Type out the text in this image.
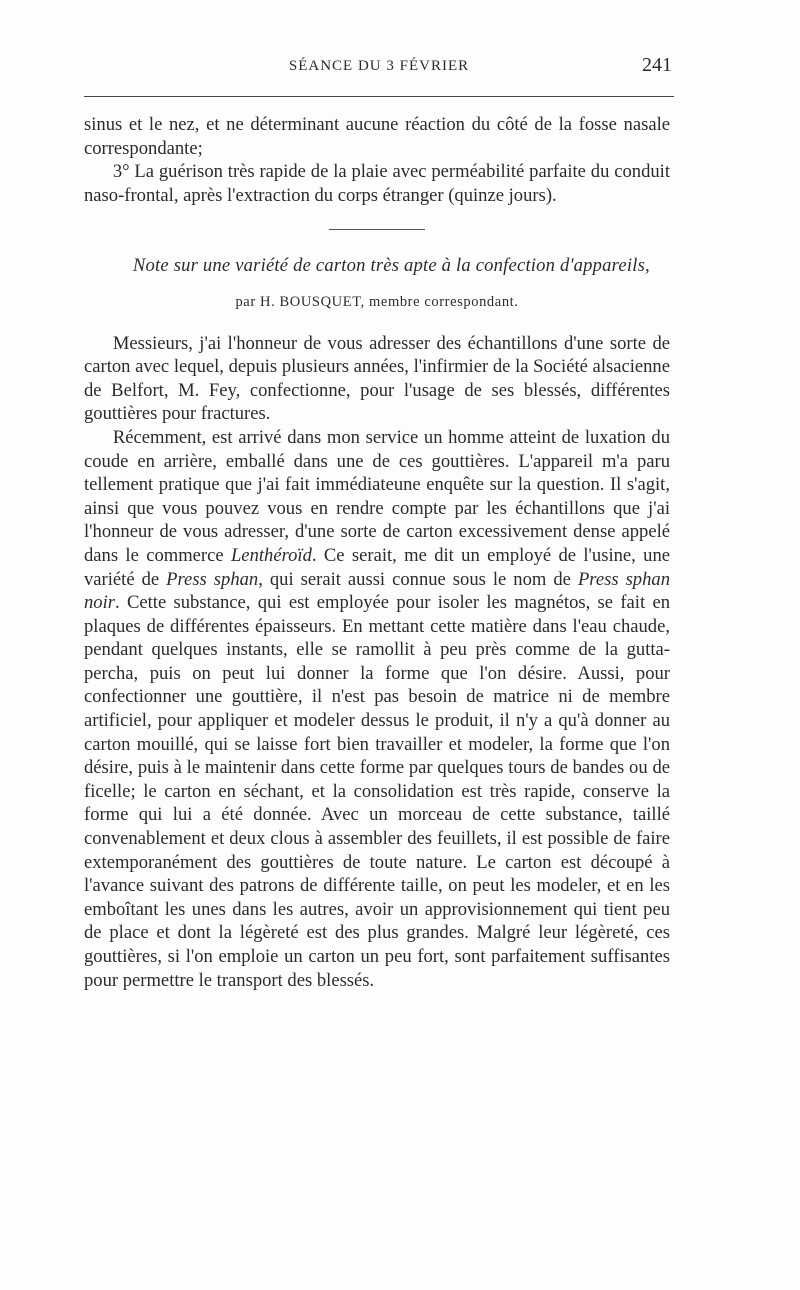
SÉANCE DU 3 FÉVRIER	241

sinus et le nez, et ne déterminant aucune réaction du côté de la fosse nasale correspondante;

3° La guérison très rapide de la plaie avec perméabilité parfaite du conduit naso-frontal, après l'extraction du corps étranger (quinze jours).

Note sur une variété de carton très apte à la confection d'appareils,

par H. BOUSQUET, membre correspondant.

Messieurs, j'ai l'honneur de vous adresser des échantillons d'une sorte de carton avec lequel, depuis plusieurs années, l'infirmier de la Société alsacienne de Belfort, M. Fey, confectionne, pour l'usage de ses blessés, différentes gouttières pour fractures.

Récemment, est arrivé dans mon service un homme atteint de luxation du coude en arrière, emballé dans une de ces gouttières. L'appareil m'a paru tellement pratique que j'ai fait immédiateune enquête sur la question. Il s'agit, ainsi que vous pouvez vous en rendre compte par les échantillons que j'ai l'honneur de vous adresser, d'une sorte de carton excessivement dense appelé dans le commerce Lenthéroïd. Ce serait, me dit un employé de l'usine, une variété de Press sphan, qui serait aussi connue sous le nom de Press sphan noir. Cette substance, qui est employée pour isoler les magnétos, se fait en plaques de différentes épaisseurs. En mettant cette matière dans l'eau chaude, pendant quelques instants, elle se ramollit à peu près comme de la gutta-percha, puis on peut lui donner la forme que l'on désire. Aussi, pour confectionner une gouttière, il n'est pas besoin de matrice ni de membre artificiel, pour appliquer et modeler dessus le produit, il n'y a qu'à donner au carton mouillé, qui se laisse fort bien travailler et modeler, la forme que l'on désire, puis à le maintenir dans cette forme par quelques tours de bandes ou de ficelle; le carton en séchant, et la consolidation est très rapide, conserve la forme qui lui a été donnée. Avec un morceau de cette substance, taillé convenablement et deux clous à assembler des feuillets, il est possible de faire extemporanément des gouttières de toute nature. Le carton est découpé à l'avance suivant des patrons de différente taille, on peut les modeler, et en les emboîtant les unes dans les autres, avoir un approvisionnement qui tient peu de place et dont la légèreté est des plus grandes. Malgré leur légèreté, ces gouttières, si l'on emploie un carton un peu fort, sont parfaitement suffisantes pour permettre le transport des blessés.
